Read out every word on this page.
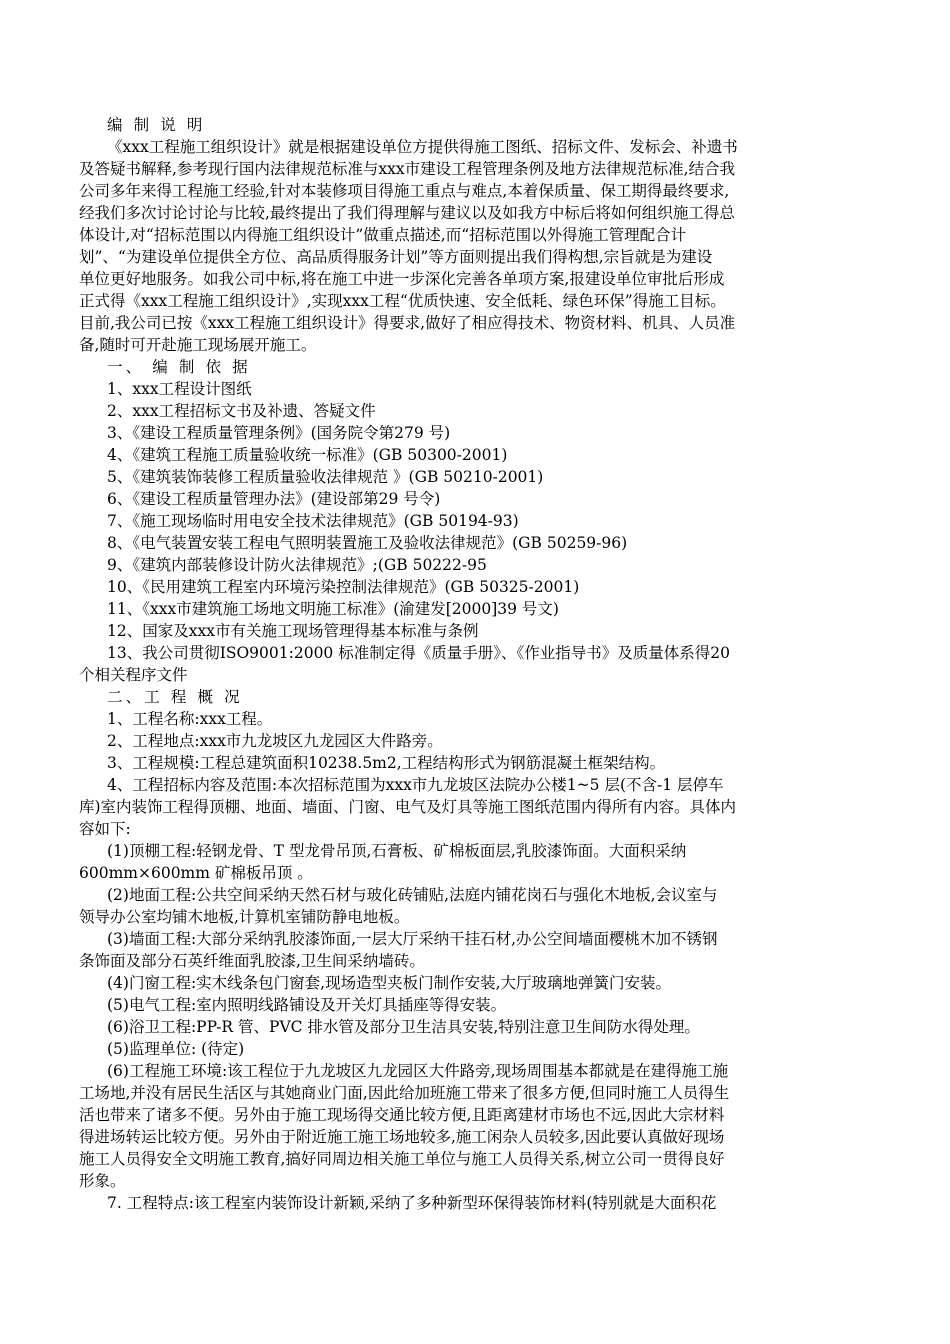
编 制 说 明
《xxx工程施工组织设计》就是根据建设单位方提供得施工图纸、招标文件、发标会、补遗书
及答疑书解释,参考现行国内法律规范标准与xxx市建设工程管理条例及地方法律规范标准,结合我
公司多年来得工程施工经验,针对本装修项目得施工重点与难点,本着保质量、保工期得最终要求,
经我们多次讨论讨论与比较,最终提出了我们得理解与建议以及如我方中标后将如何组织施工得总
体设计,对“招标范围以内得施工组织设计”做重点描述,而“招标范围以外得施工管理配合计
划”、“为建设单位提供全方位、高品质得服务计划”等方面则提出我们得构想,宗旨就是为建设
单位更好地服务。如我公司中标,将在施工中进一步深化完善各单项方案,报建设单位审批后形成
正式得《xxx工程施工组织设计》,实现xxx工程“优质快速、安全低耗、绿色环保”得施工目标。
目前,我公司已按《xxx工程施工组织设计》得要求,做好了相应得技术、物资材料、机具、人员准
备,随时可开赴施工现场展开施工。
一、 编 制 依 据
1、xxx工程设计图纸
2、xxx工程招标文书及补遗、答疑文件
3、《建设工程质量管理条例》(国务院令第279 号)
4、《建筑工程施工质量验收统一标准》(GB 50300-2001)
5、《建筑装饰装修工程质量验收法律规范 》(GB 50210-2001)
6、《建设工程质量管理办法》(建设部第29 号令)
7、《施工现场临时用电安全技术法律规范》(GB 50194-93)
8、《电气装置安装工程电气照明装置施工及验收法律规范》(GB 50259-96)
9、《建筑内部装修设计防火法律规范》;(GB 50222-95
10、《民用建筑工程室内环境污染控制法律规范》(GB 50325-2001)
11、《xxx市建筑施工场地文明施工标准》(渝建发[2000]39 号文)
12、国家及xxx市有关施工现场管理得基本标准与条例
13、我公司贯彻ISO9001:2000 标准制定得《质量手册》、《作业指导书》及质量体系得20
个相关程序文件
二、工 程 概 况
1、工程名称:xxx工程。
2、工程地点:xxx市九龙坡区九龙园区大件路旁。
3、工程规模:工程总建筑面积10238.5m2,工程结构形式为钢筋混凝土框架结构。
4、工程招标内容及范围:本次招标范围为xxx市九龙坡区法院办公楼1~5 层(不含-1 层停车
库)室内装饰工程得顶棚、地面、墙面、门窗、电气及灯具等施工图纸范围内得所有内容。具体内
容如下:
(1)顶棚工程:轻钢龙骨、T 型龙骨吊顶,石膏板、矿棉板面层,乳胶漆饰面。大面积采纳
600mm×600mm 矿棉板吊顶 。
(2)地面工程:公共空间采纳天然石材与玻化砖铺贴,法庭内铺花岗石与强化木地板,会议室与
领导办公室均铺木地板,计算机室铺防静电地板。
(3)墙面工程:大部分采纳乳胶漆饰面,一层大厅采纳干挂石材,办公空间墙面樱桃木加不锈钢
条饰面及部分石英纤维面乳胶漆,卫生间采纳墙砖。
(4)门窗工程:实木线条包门窗套,现场造型夹板门制作安装,大厅玻璃地弹簧门安装。
(5)电气工程:室内照明线路铺设及开关灯具插座等得安装。
(6)浴卫工程:PP-R 管、PVC 排水管及部分卫生洁具安装,特别注意卫生间防水得处理。
(5)监理单位: (待定)
(6)工程施工环境:该工程位于九龙坡区九龙园区大件路旁,现场周围基本都就是在建得施工施
工场地,并没有居民生活区与其她商业门面,因此给加班施工带来了很多方便,但同时施工人员得生
活也带来了诸多不便。另外由于施工现场得交通比较方便,且距离建材市场也不远,因此大宗材料
得进场转运比较方便。另外由于附近施工施工场地较多,施工闲杂人员较多,因此要认真做好现场
施工人员得安全文明施工教育,搞好同周边相关施工单位与施工人员得关系,树立公司一贯得良好
形象。
7. 工程特点:该工程室内装饰设计新颖,采纳了多种新型环保得装饰材料(特别就是大面积花
